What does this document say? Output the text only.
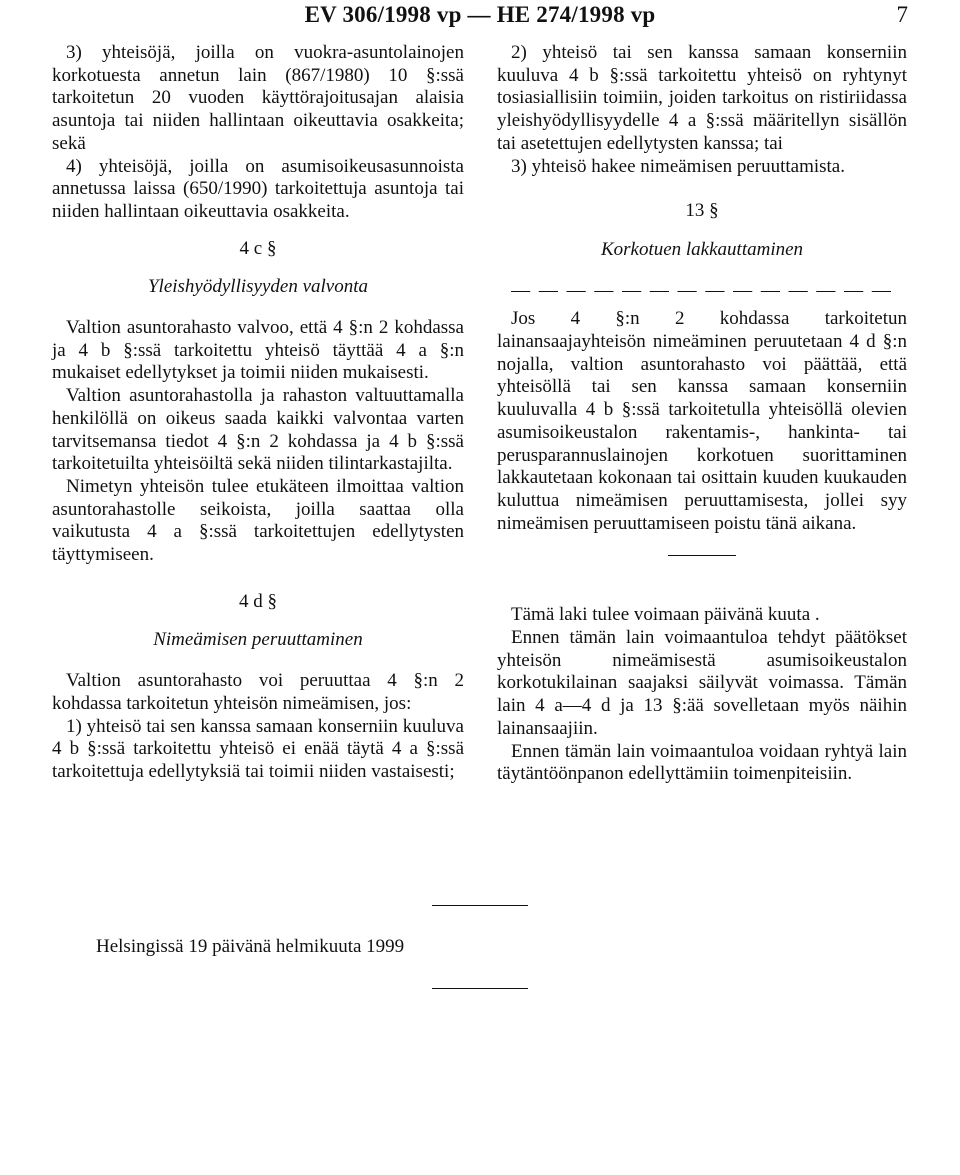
EV 306/1998 vp — HE 274/1998 vp	7

3) yhteisöjä, joilla on vuokra-asuntolainojen korkotuesta annetun lain (867/1980) 10 §:ssä tarkoitetun 20 vuoden käyttörajoitusajan alaisia asuntoja tai niiden hallintaan oikeuttavia osakkeita; sekä

4) yhteisöjä, joilla on asumisoikeusasunnoista annetussa laissa (650/1990) tarkoitettuja asuntoja tai niiden hallintaan oikeuttavia osakkeita.

4 c §
Yleishyödyllisyyden valvonta

Valtion asuntorahasto valvoo, että 4 §:n 2 kohdassa ja 4 b §:ssä tarkoitettu yhteisö täyttää 4 a §:n mukaiset edellytykset ja toimii niiden mukaisesti.

Valtion asuntorahastolla ja rahaston valtuuttamalla henkilöllä on oikeus saada kaikki valvontaa varten tarvitsemansa tiedot 4 §:n 2 kohdassa ja 4 b §:ssä tarkoitetuilta yhteisöiltä sekä niiden tilintarkastajilta.

Nimetyn yhteisön tulee etukäteen ilmoittaa valtion asuntorahastolle seikoista, joilla saattaa olla vaikutusta 4 a §:ssä tarkoitettujen edellytysten täyttymiseen.

4 d §
Nimeämisen peruuttaminen

Valtion asuntorahasto voi peruuttaa 4 §:n 2 kohdassa tarkoitetun yhteisön nimeämisen, jos:

1) yhteisö tai sen kanssa samaan konserniin kuuluva 4 b §:ssä tarkoitettu yhteisö ei enää täytä 4 a §:ssä tarkoitettuja edellytyksiä tai toimii niiden vastaisesti;

2) yhteisö tai sen kanssa samaan konserniin kuuluva 4 b §:ssä tarkoitettu yhteisö on ryhtynyt tosiasiallisiin toimiin, joiden tarkoitus on ristiriidassa yleishyödyllisyydelle 4 a §:ssä määritellyn sisällön tai asetettujen edellytysten kanssa; tai

3) yhteisö hakee nimeämisen peruuttamista.

13 §
Korkotuen lakkauttaminen
— — — — — — — — — — — — — —

Jos 4 §:n 2 kohdassa tarkoitetun lainansaajayhteisön nimeäminen peruutetaan 4 d §:n nojalla, valtion asuntorahasto voi päättää, että yhteisöllä tai sen kanssa samaan konserniin kuuluvalla 4 b §:ssä tarkoitetulla yhteisöllä olevien asumisoikeustalon rakentamis-, hankinta- tai perusparannuslainojen korkotuen suorittaminen lakkautetaan kokonaan tai osittain kuuden kuukauden kuluttua nimeämisen peruuttamisesta, jollei syy nimeämisen peruuttamiseen poistu tänä aikana.

Tämä laki tulee voimaan päivänä kuuta .

Ennen tämän lain voimaantuloa tehdyt päätökset yhteisön nimeämisestä asumisoikeustalon korkotukilainan saajaksi säilyvät voimassa. Tämän lain 4 a—4 d ja 13 §:ää sovelletaan myös näihin lainansaajiin.

Ennen tämän lain voimaantuloa voidaan ryhtyä lain täytäntöönpanon edellyttämiin toimenpiteisiin.

Helsingissä 19 päivänä helmikuuta 1999
